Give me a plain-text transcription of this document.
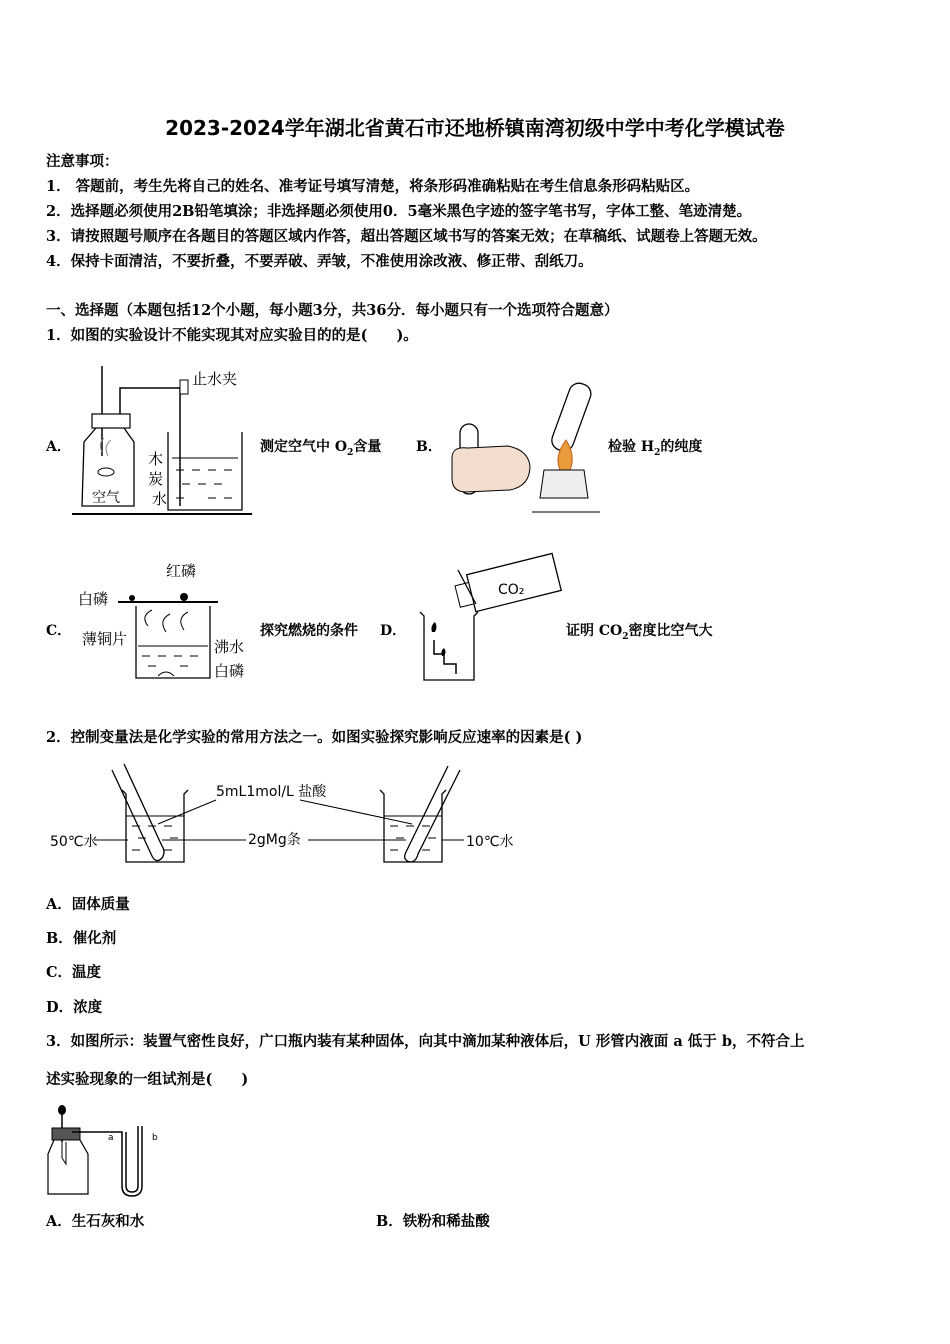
2023-2024学年湖北省黄石市还地桥镇南湾初级中学中考化学模试卷
注意事项：
1． 答题前，考生先将自己的姓名、准考证号填写清楚，将条形码准确粘贴在考生信息条形码粘贴区。
2．选择题必须使用2B铅笔填涂；非选择题必须使用0．5毫米黑色字迹的签字笔书写，字体工整、笔迹清楚。
3．请按照题号顺序在各题目的答题区域内作答，超出答题区域书写的答案无效；在草稿纸、试题卷上答题无效。
4．保持卡面清洁，不要折叠，不要弄破、弄皱，不准使用涂改液、修正带、刮纸刀。
一、选择题（本题包括12个小题，每小题3分，共36分．每小题只有一个选项符合题意）
1．如图的实验设计不能实现其对应实验目的的是(　　)。
A．
止水夹
木
炭
空气 水
测定空气中 $O_2$含量 B．	检验 $H_2$的纯度
C．
红磷
白磷
薄铜片	沸水
白磷
探究燃烧的条件 D．
CO₂
证明 $CO_2$密度比空气大
2．控制变量法是化学实验的常用方法之一。如图实验探究影响反应速率的因素是( )
5mL1mol/L 盐酸
2gMg条
50℃水	10℃水
A．固体质量
B．催化剂
C．温度
D．浓度
3．如图所示：装置气密性良好，广口瓶内装有某种固体，向其中滴加某种液体后，U 形管内液面 a 低于 b，不符合上
述实验现象的一组试剂是(　　)
a	b
A．生石灰和水	B．铁粉和稀盐酸
